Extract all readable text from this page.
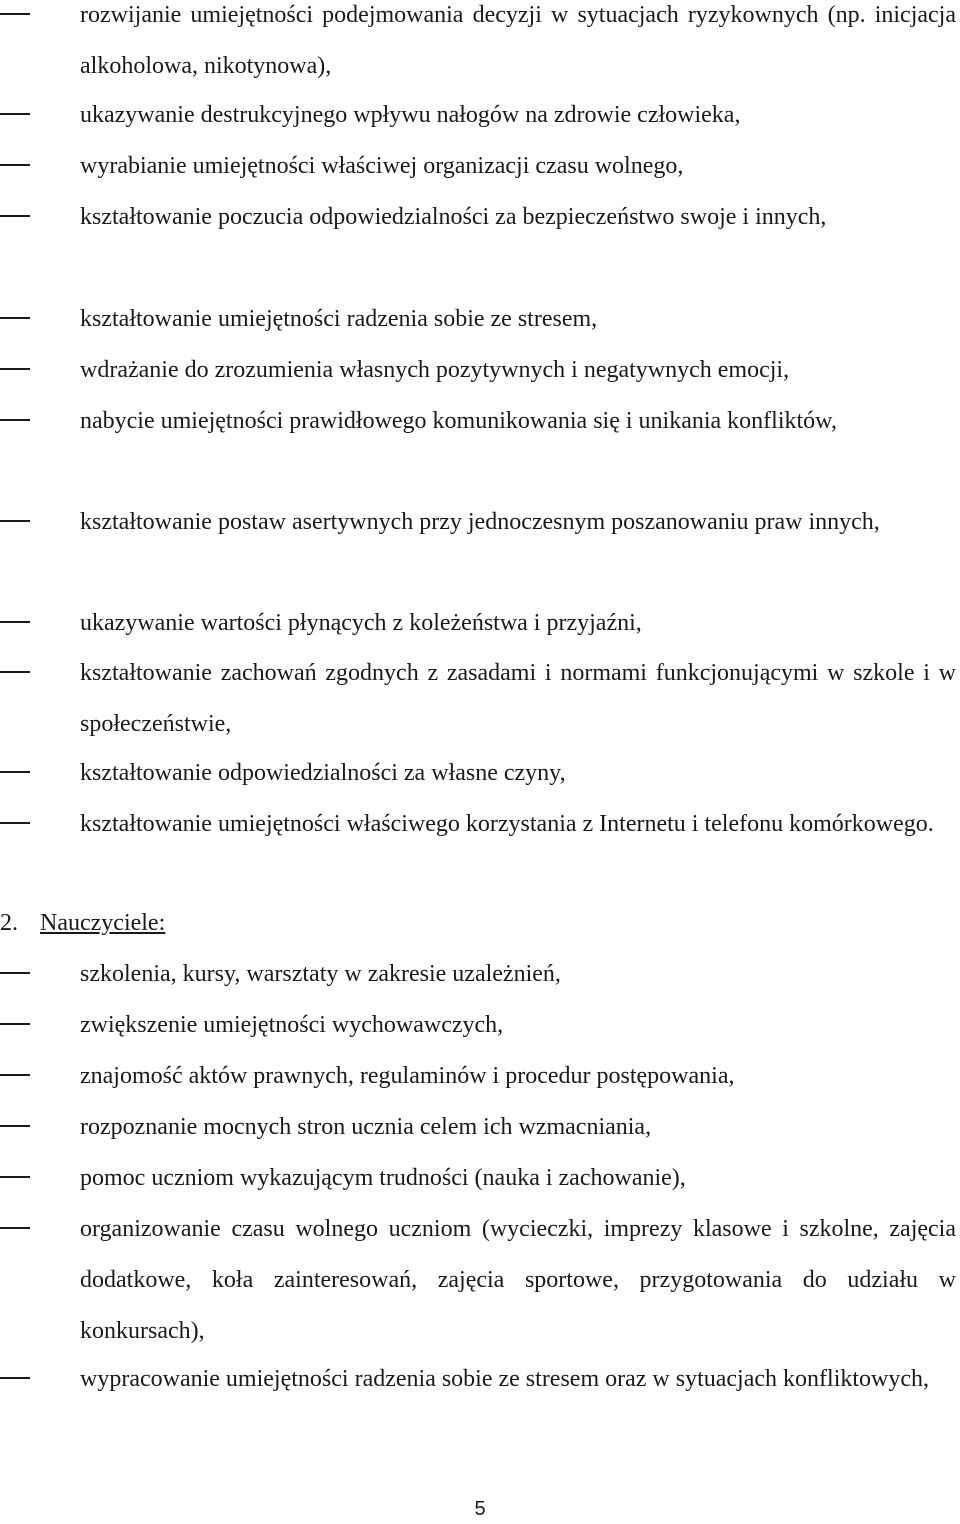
rozwijanie umiejętności podejmowania decyzji w sytuacjach ryzykownych (np. inicjacja alkoholowa, nikotynowa),
ukazywanie destrukcyjnego wpływu nałogów na zdrowie człowieka,
wyrabianie umiejętności właściwej organizacji czasu wolnego,
kształtowanie poczucia odpowiedzialności za bezpieczeństwo swoje i innych,
kształtowanie umiejętności radzenia sobie ze stresem,
wdrażanie do zrozumienia własnych pozytywnych i negatywnych emocji,
nabycie umiejętności prawidłowego komunikowania się i unikania konfliktów,
kształtowanie postaw asertywnych przy jednoczesnym poszanowaniu praw innych,
ukazywanie wartości płynących z koleżeństwa i przyjaźni,
kształtowanie zachowań zgodnych z zasadami i normami funkcjonującymi w szkole i w społeczeństwie,
kształtowanie odpowiedzialności za własne czyny,
kształtowanie umiejętności właściwego korzystania z Internetu i telefonu komórkowego.
2. Nauczyciele:
szkolenia, kursy, warsztaty w zakresie uzależnień,
zwiększenie umiejętności wychowawczych,
znajomość aktów prawnych, regulaminów i procedur postępowania,
rozpoznanie mocnych stron ucznia celem ich wzmacniania,
pomoc uczniom wykazującym trudności (nauka i zachowanie),
organizowanie czasu wolnego uczniom (wycieczki, imprezy klasowe i szkolne, zajęcia dodatkowe, koła zainteresowań, zajęcia sportowe, przygotowania do udziału w konkursach),
wypracowanie umiejętności radzenia sobie ze stresem oraz w sytuacjach konfliktowych,
5
